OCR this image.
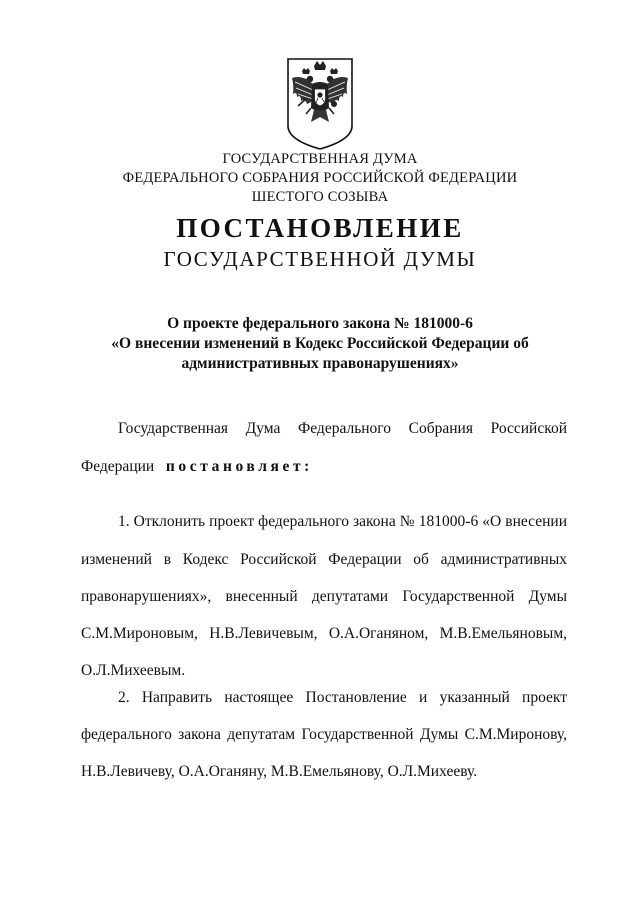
ГОСУДАРСТВЕННАЯ ДУМА
ФЕДЕРАЛЬНОГО СОБРАНИЯ РОССИЙСКОЙ ФЕДЕРАЦИИ
ШЕСТОГО СОЗЫВА
ПОСТАНОВЛЕНИЕ
ГОСУДАРСТВЕННОЙ ДУМЫ
О проекте федерального закона № 181000-6
«О внесении изменений в Кодекс Российской Федерации об
административных правонарушениях»
Государственная Дума Федерального Собрания Российской
Федерации постановляет:
1. Отклонить проект федерального закона № 181000-6 «О внесении
изменений в Кодекс Российской Федерации об административных
правонарушениях», внесенный депутатами Государственной Думы
С.М.Мироновым, Н.В.Левичевым, О.А.Оганяном, М.В.Емельяновым,
О.Л.Михеевым.
2. Направить настоящее Постановление и указанный проект
федерального закона депутатам Государственной Думы С.М.Миронову,
Н.В.Левичеву, О.А.Оганяну, М.В.Емельянову, О.Л.Михееву.
